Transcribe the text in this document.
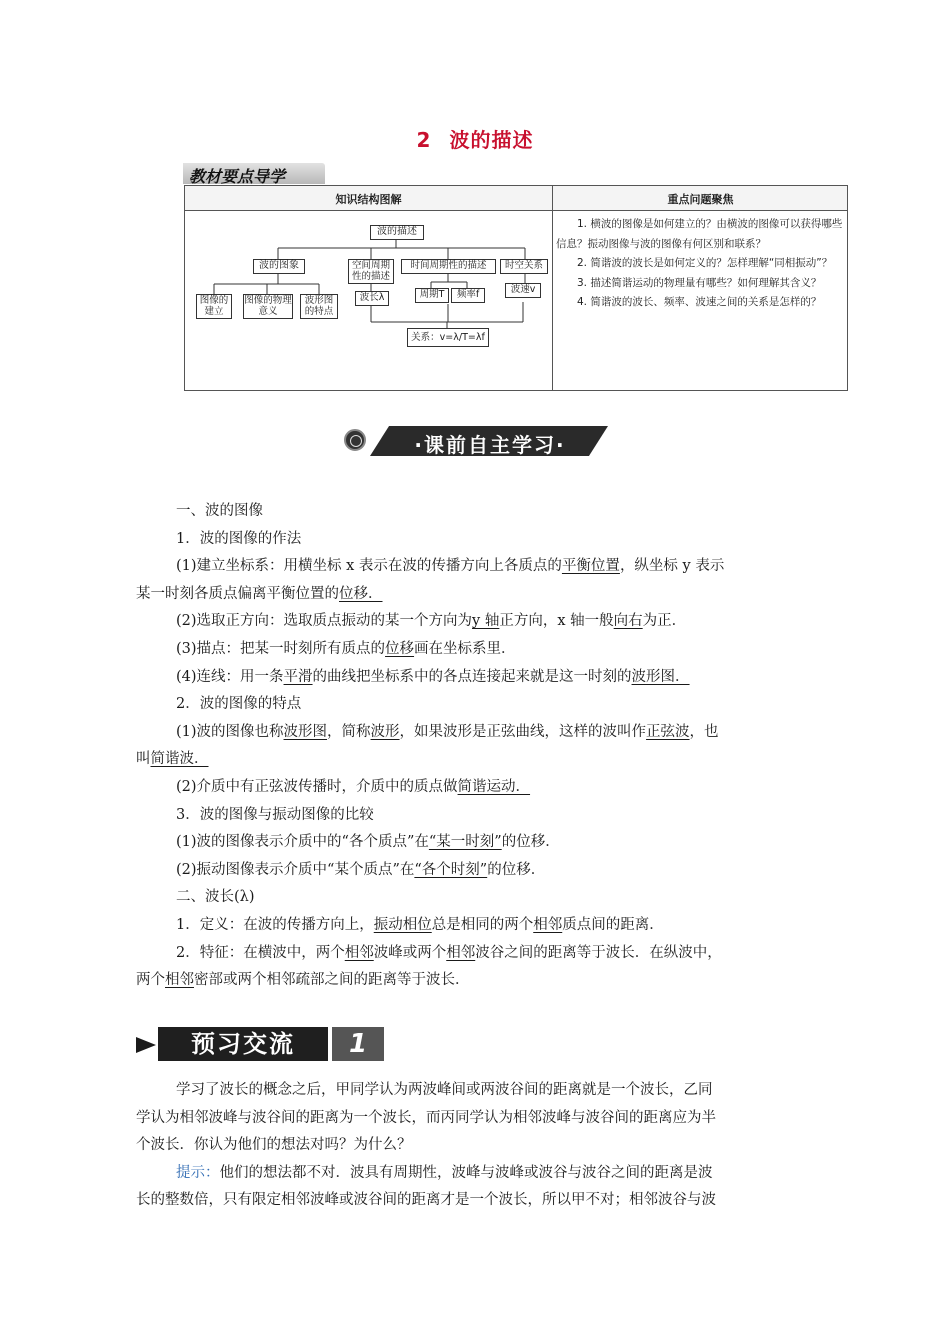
2 波的描述
教材要点导学
知识结构图解	重点问题聚焦
波的描述
波的图象	空间周期性的描述
时间周期性的描述	时空关系
图像的建立
图像的物理意义
波形图的特点
波长λ	周期T	频率f	波速v
关系：v=λ/T=λf

1. 横波的图像是如何建立的？由横波的图像可以获得哪些信息？振动图像与波的图像有何区别和联系？

2. 简谐波的波长是如何定义的？怎样理解“同相振动”？

3. 描述简谐运动的物理量有哪些？如何理解其含义？

4. 简谐波的波长、频率、波速之间的关系是怎样的？

·课前自主学习·
一、波的图像
1．波的图像的作法
(1)建立坐标系：用横坐标 x 表示在波的传播方向上各质点的平衡位置，纵坐标 y 表示
某一时刻各质点偏离平衡位置的位移．
(2)选取正方向：选取质点振动的某一个方向为y 轴正方向，x 轴一般向右为正．
(3)描点：把某一时刻所有质点的位移画在坐标系里．
(4)连线：用一条平滑的曲线把坐标系中的各点连接起来就是这一时刻的波形图．
2．波的图像的特点
(1)波的图像也称波形图，简称波形，如果波形是正弦曲线，这样的波叫作正弦波，也
叫简谐波．
(2)介质中有正弦波传播时，介质中的质点做简谐运动．
3．波的图像与振动图像的比较
(1)波的图像表示介质中的“各个质点”在“某一时刻”的位移．
(2)振动图像表示介质中“某个质点”在“各个时刻”的位移．
二、波长(λ)
1．定义：在波的传播方向上，振动相位总是相同的两个相邻质点间的距离．
2．特征：在横波中，两个相邻波峰或两个相邻波谷之间的距离等于波长．在纵波中，
两个相邻密部或两个相邻疏部之间的距离等于波长．
预习交流	1
学习了波长的概念之后，甲同学认为两波峰间或两波谷间的距离就是一个波长，乙同
学认为相邻波峰与波谷间的距离为一个波长，而丙同学认为相邻波峰与波谷间的距离应为半
个波长．你认为他们的想法对吗？为什么？
提示：他们的想法都不对．波具有周期性，波峰与波峰或波谷与波谷之间的距离是波
长的整数倍，只有限定相邻波峰或波谷间的距离才是一个波长，所以甲不对；相邻波谷与波
